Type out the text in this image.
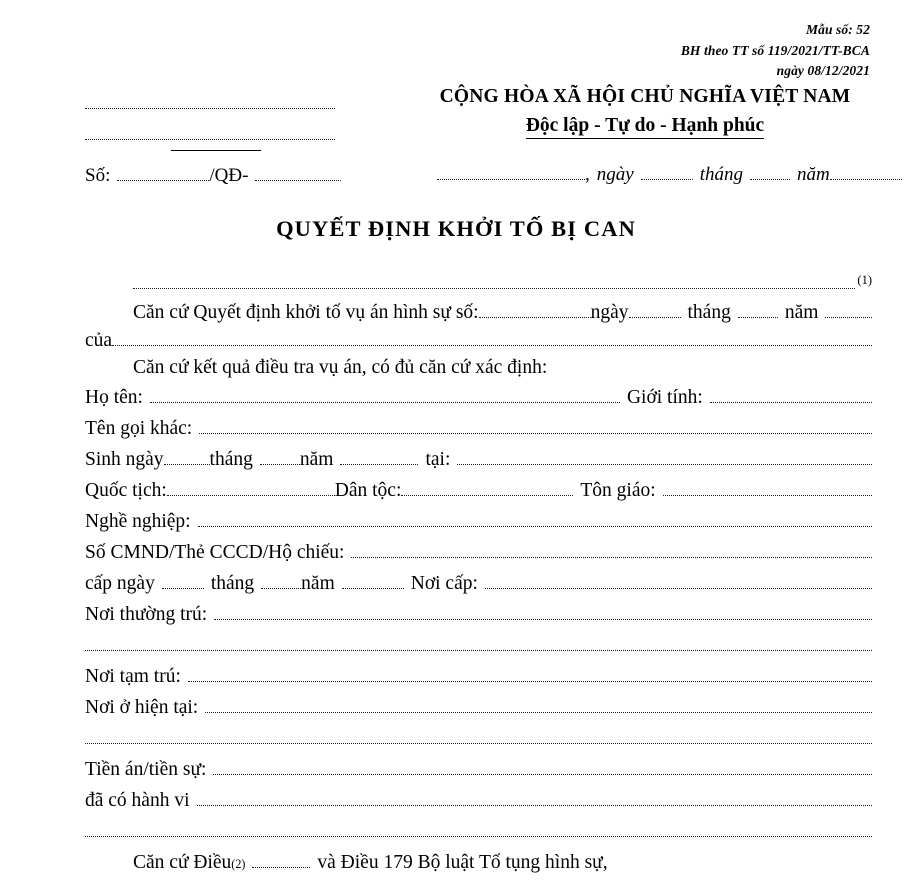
Mẫu số: 52
BH theo TT số 119/2021/TT-BCA
ngày 08/12/2021
Số:	/QĐ-
CỘNG HÒA XÃ HỘI CHỦ NGHĨA VIỆT NAM
Độc lập - Tự do - Hạnh phúc
, ngày	tháng	năm
QUYẾT ĐỊNH KHỞI TỐ BỊ CAN
(1)
Căn cứ Quyết định khởi tố vụ án hình sự số:	ngày	tháng	năm
của
Căn cứ kết quả điều tra vụ án, có đủ căn cứ xác định:
Họ tên:	Giới tính:
Tên gọi khác:
Sinh ngày tháng năm	tại:
Quốc tịch:	Dân tộc:	Tôn giáo:
Nghề nghiệp:
Số CMND/Thẻ CCCD/Hộ chiếu:
cấp ngày	tháng năm	Nơi cấp:
Nơi thường trú:
Nơi tạm trú:
Nơi ở hiện tại:
Tiền án/tiền sự:
đã có hành vi
Căn cứ Điều (2)	và Điều 179 Bộ luật Tố tụng hình sự,
